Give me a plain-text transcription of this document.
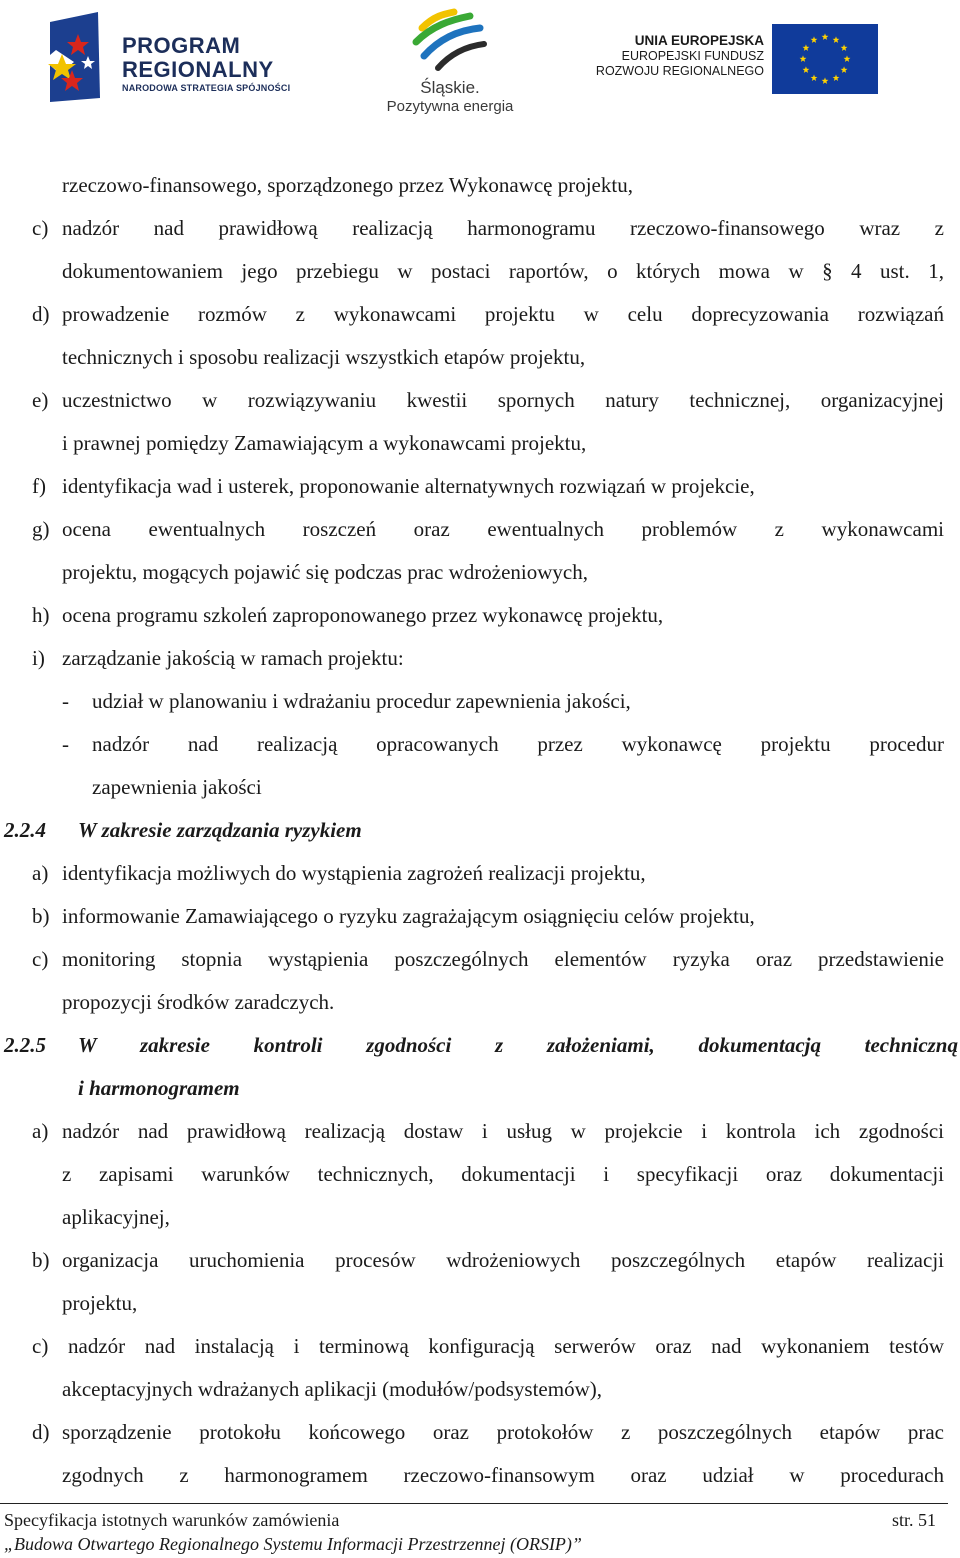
PROGRAM
REGIONALNY
NARODOWA STRATEGIA SPÓJNOŚCI	Śląskie.
Pozytywna energia
UNIA EUROPEJSKA
EUROPEJSKI FUNDUSZ
ROZWOJU REGIONALNEGO
rzeczowo-finansowego, sporządzonego przez Wykonawcę projektu,
c) nadzór nad prawidłową realizacją harmonogramu rzeczowo-finansowego wraz z
dokumentowaniem jego przebiegu w postaci raportów, o których mowa w § 4 ust. 1,
d) prowadzenie rozmów z wykonawcami projektu w celu doprecyzowania rozwiązań
technicznych i sposobu realizacji wszystkich etapów projektu,
e) uczestnictwo w rozwiązywaniu kwestii spornych natury technicznej, organizacyjnej
i prawnej pomiędzy Zamawiającym a wykonawcami projektu,
f) identyfikacja wad i usterek, proponowanie alternatywnych rozwiązań w projekcie,
g) ocena ewentualnych roszczeń oraz ewentualnych problemów z wykonawcami
projektu, mogących pojawić się podczas prac wdrożeniowych,
h) ocena programu szkoleń zaproponowanego przez wykonawcę projektu,
i) zarządzanie jakością w ramach projektu:
- udział w planowaniu i wdrażaniu procedur zapewnienia jakości,
- nadzór nad realizacją opracowanych przez wykonawcę projektu procedur
zapewnienia jakości
2.2.4 W zakresie zarządzania ryzykiem
a) identyfikacja możliwych do wystąpienia zagrożeń realizacji projektu,
b) informowanie Zamawiającego o ryzyku zagrażającym osiągnięciu celów projektu,
c) monitoring stopnia wystąpienia poszczególnych elementów ryzyka oraz przedstawienie
propozycji środków zaradczych.
2.2.5 W zakresie kontroli zgodności z założeniami, dokumentacją techniczną
i harmonogramem
a) nadzór nad prawidłową realizacją dostaw i usług w projekcie i kontrola ich zgodności
z zapisami warunków technicznych, dokumentacji i specyfikacji oraz dokumentacji
aplikacyjnej,
b) organizacja uruchomienia procesów wdrożeniowych poszczególnych etapów realizacji
projektu,
c) nadzór nad instalacją i terminową konfiguracją serwerów oraz nad wykonaniem testów
akceptacyjnych wdrażanych aplikacji (modułów/podsystemów),
d) sporządzenie protokołu końcowego oraz protokołów z poszczególnych etapów prac
zgodnych z harmonogramem rzeczowo-finansowym oraz udział w procedurach
Specyfikacja istotnych warunków zamówienia	str. 51
„Budowa Otwartego Regionalnego Systemu Informacji Przestrzennej (ORSIP)”
